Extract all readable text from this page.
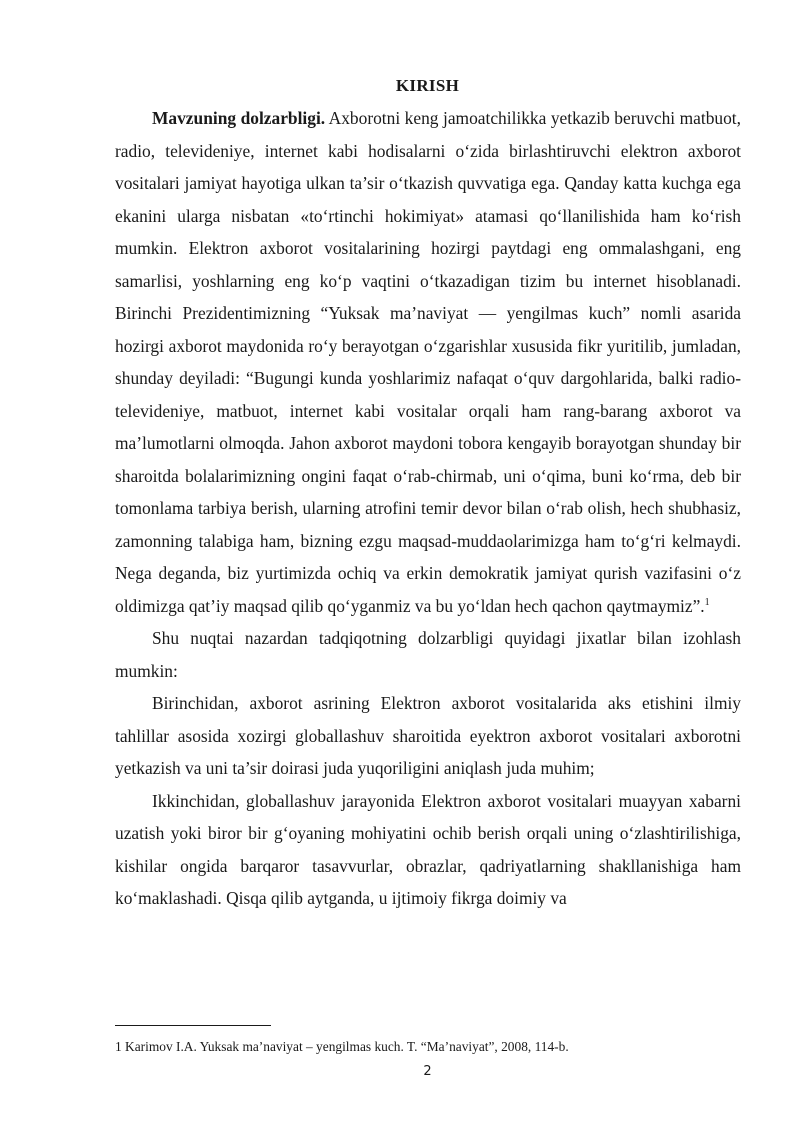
KIRISH

Mavzuning dolzarbligi. Axborotni keng jamoatchilikka yetkazib beruvchi matbuot, radio, televideniye, internet kabi hodisalarni o‘zida birlashtiruvchi elektron axborot vositalari jamiyat hayotiga ulkan ta’sir o‘tkazish quvvatiga ega. Qanday katta kuchga ega ekanini ularga nisbatan «to‘rtinchi hokimiyat» atamasi qo‘llanilishida ham ko‘rish mumkin. Elektron axborot vositalarining hozirgi paytdagi eng ommalashgani, eng samarlisi, yoshlarning eng ko‘p vaqtini o‘tkazadigan tizim bu internet hisoblanadi. Birinchi Prezidentimizning “Yuksak ma’naviyat — yengilmas kuch” nomli asarida hozirgi axborot maydonida ro‘y berayotgan o‘zgarishlar xususida fikr yuritilib, jumladan, shunday deyiladi: “Bugungi kunda yoshlarimiz nafaqat o‘quv dargohlarida, balki radio-televideniye, matbuot, internet kabi vositalar orqali ham rang-barang axborot va ma’lumotlarni olmoqda. Jahon axborot maydoni tobora kengayib borayotgan shunday bir sharoitda bolalarimizning ongini faqat o‘rab-chirmab, uni o‘qima, buni ko‘rma, deb bir tomonlama tarbiya berish, ularning atrofini temir devor bilan o‘rab olish, hech shubhasiz, zamonning talabiga ham, bizning ezgu maqsad-muddaolarimizga ham to‘g‘ri kelmaydi. Nega deganda, biz yurtimizda ochiq va erkin demokratik jamiyat qurish vazifasini o‘z oldimizga qat’iy maqsad qilib qo‘yganmiz va bu yo‘ldan hech qachon qaytmaymiz”.$^1$

Shu nuqtai nazardan tadqiqotning dolzarbligi quyidagi jixatlar bilan izohlash mumkin:

Birinchidan, axborot asrining Elektron axborot vositalarida aks etishini ilmiy tahlillar asosida xozirgi globallashuv sharoitida eyektron axborot vositalari axborotni yetkazish va uni ta’sir doirasi juda yuqoriligini aniqlash juda muhim;

Ikkinchidan, globallashuv jarayonida Elektron axborot vositalari muayyan xabarni uzatish yoki biror bir g‘oyaning mohiyatini ochib berish orqali uning o‘zlashtirilishiga, kishilar ongida barqaror tasavvurlar, obrazlar, qadriyatlarning shakllanishiga ham ko‘maklashadi. Qisqa qilib aytganda, u ijtimoiy fikrga doimiy va

1 Karimov I.A. Yuksak ma’naviyat – yengilmas kuch. T. “Ma’naviyat”, 2008, 114-b.
2
